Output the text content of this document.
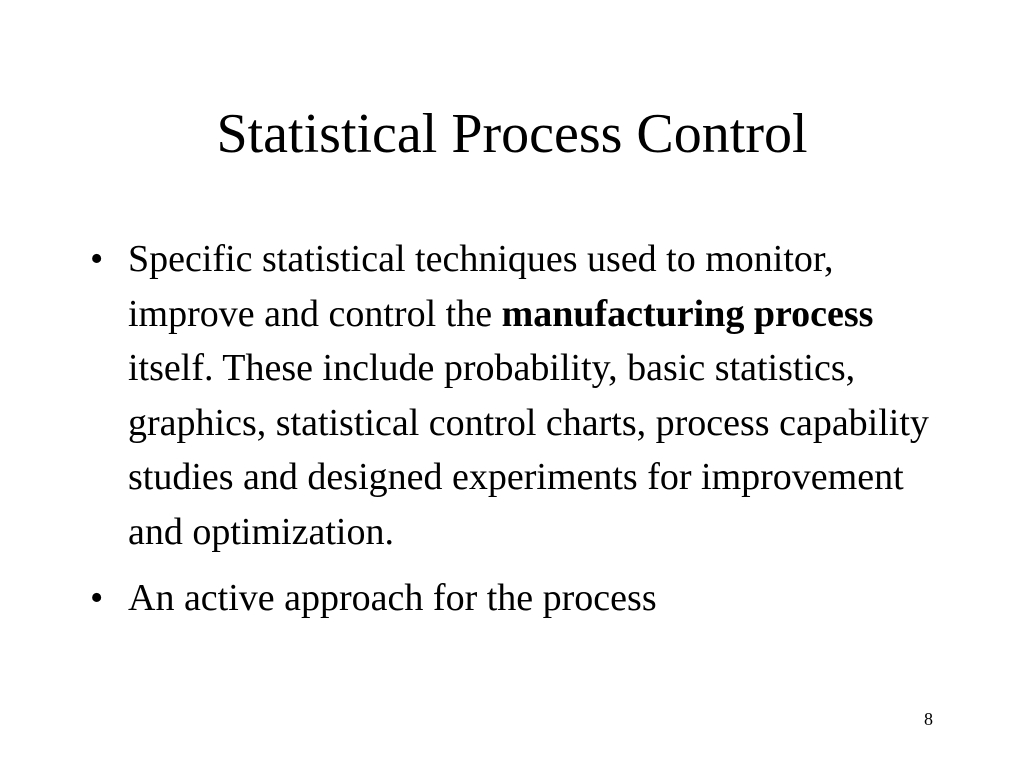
Statistical Process Control
• Specific statistical techniques used to monitor, improve and control the manufacturing process itself. These include probability, basic statistics, graphics, statistical control charts, process capability studies and designed experiments for improvement and optimization.
• An active approach for the process
8
